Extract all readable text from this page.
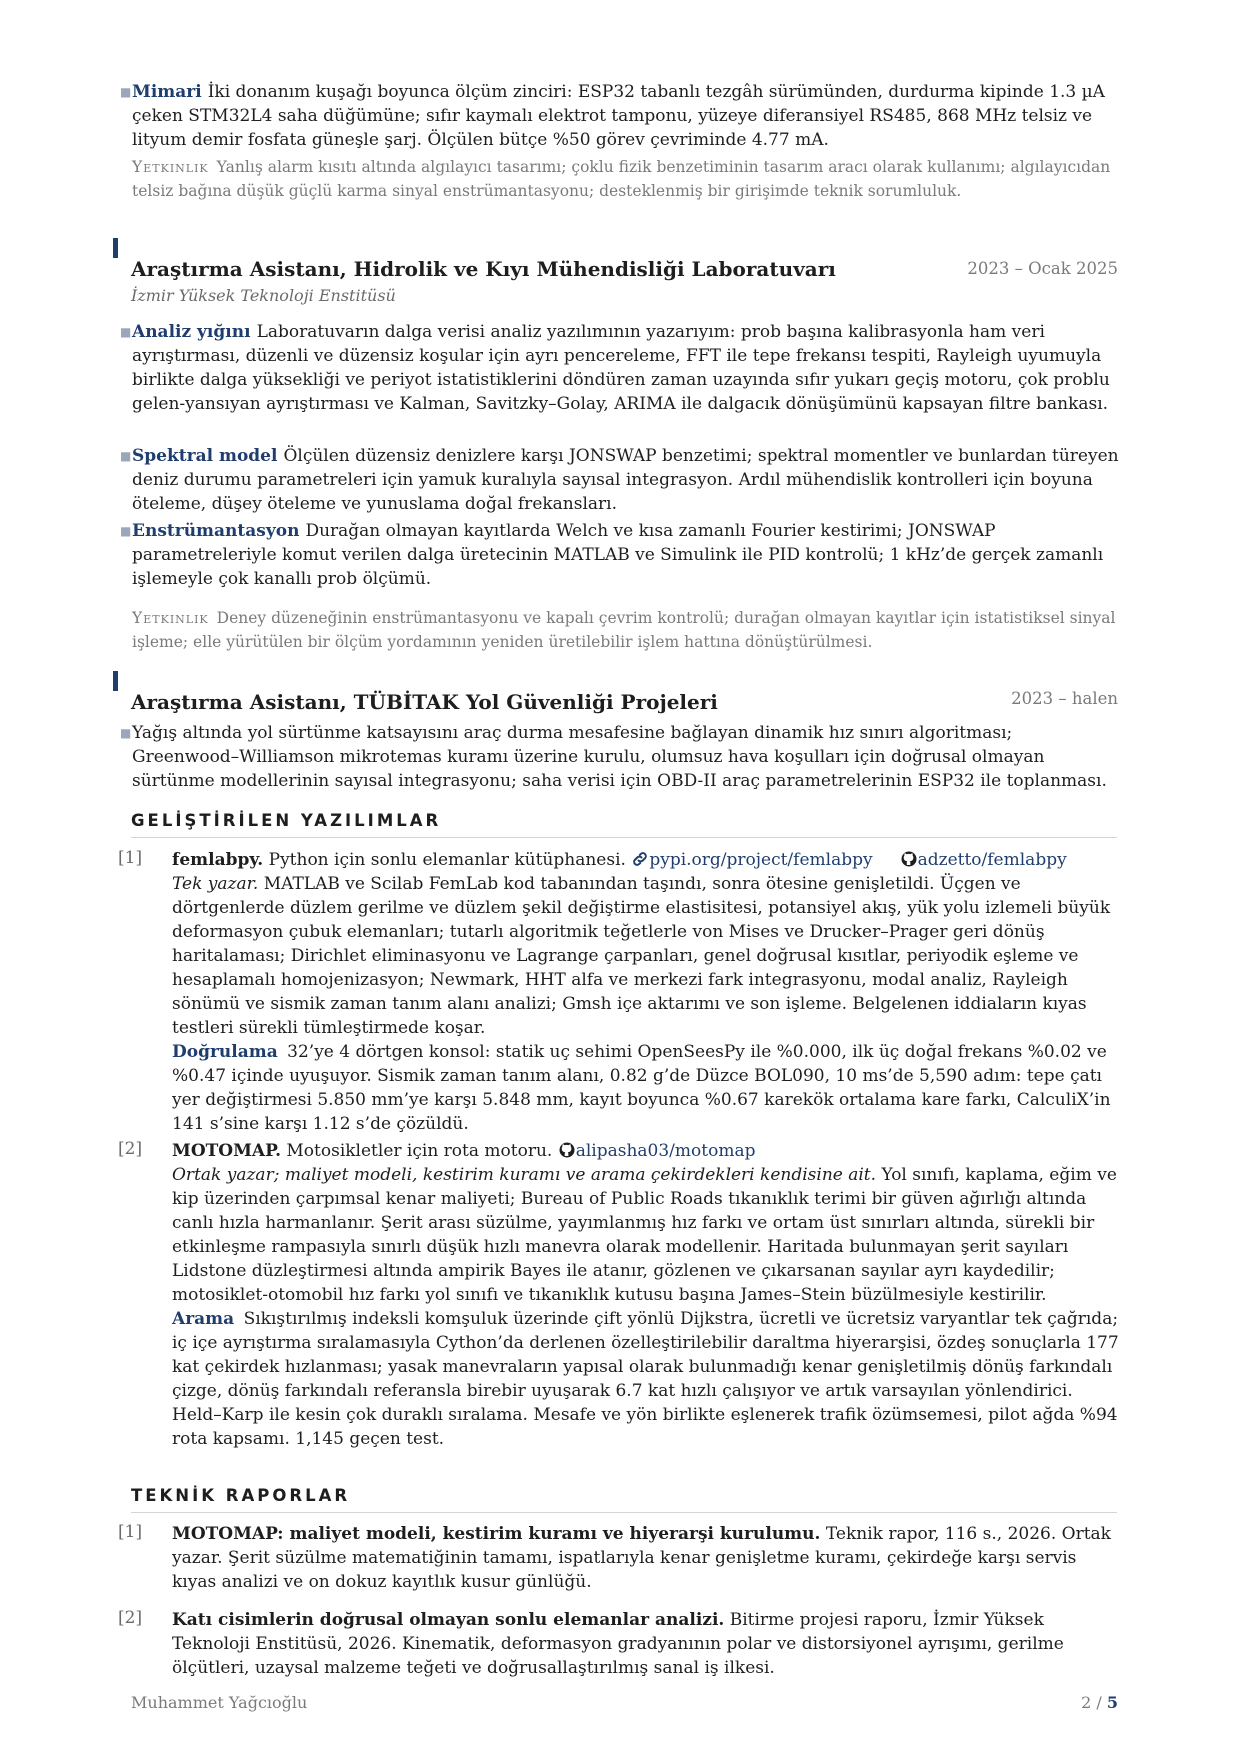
■ Mimari İki donanım kuşağı boyunca ölçüm zinciri: ESP32 tabanlı tezgâh sürümünden, durdurma kipinde 1.3 µA çeken STM32L4 saha düğümüne; sıfır kaymalı elektrot tamponu, yüzeye diferansiyel RS485, 868 MHz telsiz ve lityum demir fosfata güneşle şarj. Ölçülen bütçe %50 görev çevriminde 4.77 mA.
Yetkinlik Yanlış alarm kısıtı altında algılayıcı tasarımı; çoklu fizik benzetiminin tasarım aracı olarak kullanımı; algılayıcıdan telsiz bağına düşük güçlü karma sinyal enstrümantasyonu; desteklenmiş bir girişimde teknik sorumluluk.
Araştırma Asistanı, Hidrolik ve Kıyı Mühendisliği Laboratuvarı	2023 – Ocak 2025
İzmir Yüksek Teknoloji Enstitüsü
■ Analiz yığını Laboratuvarın dalga verisi analiz yazılımının yazarıyım: prob başına kalibrasyonla ham veri ayrıştırması, düzenli ve düzensiz koşular için ayrı pencereleme, FFT ile tepe frekansı tespiti, Rayleigh uyumuyla birlikte dalga yüksekliği ve periyot istatistiklerini döndüren zaman uzayında sıfır yukarı geçiş motoru, çok problu gelen-yansıyan ayrıştırması ve Kalman, Savitzky–Golay, ARIMA ile dalgacık dönüşümünü kapsayan filtre bankası.
■ Spektral model Ölçülen düzensiz denizlere karşı JONSWAP benzetimi; spektral momentler ve bunlardan türeyen deniz durumu parametreleri için yamuk kuralıyla sayısal integrasyon. Ardıl mühendislik kontrolleri için boyuna öteleme, düşey öteleme ve yunuslama doğal frekansları.
■ Enstrümantasyon Durağan olmayan kayıtlarda Welch ve kısa zamanlı Fourier kestirimi; JONSWAP parametreleriyle komut verilen dalga üretecinin MATLAB ve Simulink ile PID kontrolü; 1 kHz’de gerçek zamanlı işlemeyle çok kanallı prob ölçümü.
Yetkinlik Deney düzeneğinin enstrümantasyonu ve kapalı çevrim kontrolü; durağan olmayan kayıtlar için istatistiksel sinyal işleme; elle yürütülen bir ölçüm yordamının yeniden üretilebilir işlem hattına dönüştürülmesi.
Araştırma Asistanı, TÜBİTAK Yol Güvenliği Projeleri	2023 – halen
■ Yağış altında yol sürtünme katsayısını araç durma mesafesine bağlayan dinamik hız sınırı algoritması; Greenwood–Williamson mikrotemas kuramı üzerine kurulu, olumsuz hava koşulları için doğrusal olmayan sürtünme modellerinin sayısal integrasyonu; saha verisi için OBD-II araç parametrelerinin ESP32 ile toplanması.
GELİŞTİRİLEN YAZILIMLAR
[1] femlabpy. Python için sonlu elemanlar kütüphanesi. pypi.org/project/femlabpy	adzetto/femlabpy
Tek yazar. MATLAB ve Scilab FemLab kod tabanından taşındı, sonra ötesine genişletildi. Üçgen ve dörtgenlerde düzlem gerilme ve düzlem şekil değiştirme elastisitesi, potansiyel akış, yük yolu izlemeli büyük deformasyon çubuk elemanları; tutarlı algoritmik teğetlerle von Mises ve Drucker–Prager geri dönüş haritalaması; Dirichlet eliminasyonu ve Lagrange çarpanları, genel doğrusal kısıtlar, periyodik eşleme ve hesaplamalı homojenizasyon; Newmark, HHT alfa ve merkezi fark integrasyonu, modal analiz, Rayleigh sönümü ve sismik zaman tanım alanı analizi; Gmsh içe aktarımı ve son işleme. Belgelenen iddiaların kıyas testleri sürekli tümleştirmede koşar.
Doğrulama 32’ye 4 dörtgen konsol: statik uç sehimi OpenSeesPy ile %0.000, ilk üç doğal frekans %0.02 ve %0.47 içinde uyuşuyor. Sismik zaman tanım alanı, 0.82 g’de Düzce BOL090, 10 ms’de 5,590 adım: tepe çatı yer değiştirmesi 5.850 mm’ye karşı 5.848 mm, kayıt boyunca %0.67 karekök ortalama kare farkı, CalculiX’in 141 s’sine karşı 1.12 s’de çözüldü.
[2] MOTOMAP. Motosikletler için rota motoru. alipasha03/motomap
Ortak yazar; maliyet modeli, kestirim kuramı ve arama çekirdekleri kendisine ait. Yol sınıfı, kaplama, eğim ve kip üzerinden çarpımsal kenar maliyeti; Bureau of Public Roads tıkanıklık terimi bir güven ağırlığı altında canlı hızla harmanlanır. Şerit arası süzülme, yayımlanmış hız farkı ve ortam üst sınırları altında, sürekli bir etkinleşme rampasıyla sınırlı düşük hızlı manevra olarak modellenir. Haritada bulunmayan şerit sayıları Lidstone düzleştirmesi altında ampirik Bayes ile atanır, gözlenen ve çıkarsanan sayılar ayrı kaydedilir; motosiklet-otomobil hız farkı yol sınıfı ve tıkanıklık kutusu başına James–Stein büzülmesiyle kestirilir.
Arama Sıkıştırılmış indeksli komşuluk üzerinde çift yönlü Dijkstra, ücretli ve ücretsiz varyantlar tek çağrıda; iç içe ayrıştırma sıralamasıyla Cython’da derlenen özelleştirilebilir daraltma hiyerarşisi, özdeş sonuçlarla 177 kat çekirdek hızlanması; yasak manevraların yapısal olarak bulunmadığı kenar genişletilmiş dönüş farkındalı çizge, dönüş farkındalı referansla birebir uyuşarak 6.7 kat hızlı çalışıyor ve artık varsayılan yönlendirici. Held–Karp ile kesin çok duraklı sıralama. Mesafe ve yön birlikte eşlenerek trafik özümsemesi, pilot ağda %94 rota kapsamı. 1,145 geçen test.
TEKNİK RAPORLAR
[1] MOTOMAP: maliyet modeli, kestirim kuramı ve hiyerarşi kurulumu. Teknik rapor, 116 s., 2026. Ortak yazar. Şerit süzülme matematiğinin tamamı, ispatlarıyla kenar genişletme kuramı, çekirdeğe karşı servis kıyas analizi ve on dokuz kayıtlık kusur günlüğü.
[2] Katı cisimlerin doğrusal olmayan sonlu elemanlar analizi. Bitirme projesi raporu, İzmir Yüksek Teknoloji Enstitüsü, 2026. Kinematik, deformasyon gradyanının polar ve distorsiyonel ayrışımı, gerilme ölçütleri, uzaysal malzeme teğeti ve doğrusallaştırılmış sanal iş ilkesi.
Muhammet Yağcıoğlu	2 / 5
